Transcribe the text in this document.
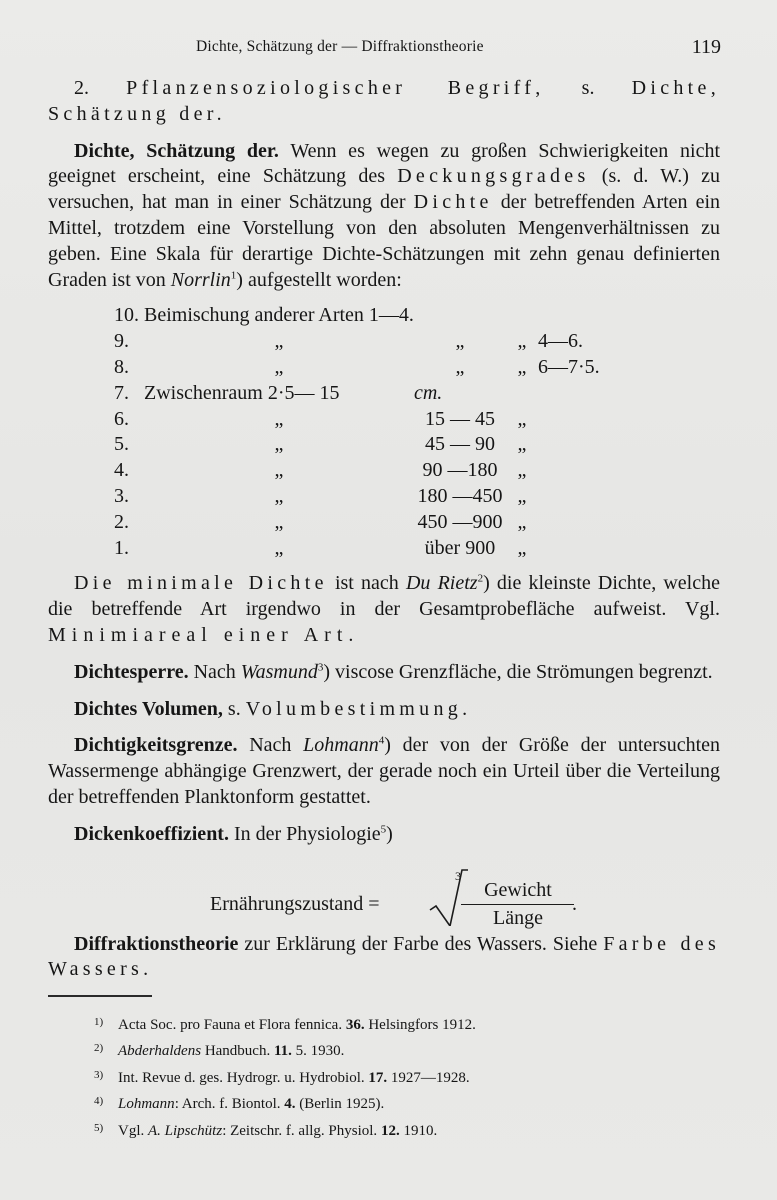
Dichte, Schätzung der — Diffraktionstheorie	119

2. Pflanzensoziologischer Begriff, s. Dichte, Schätzung der.

Dichte, Schätzung der. Wenn es wegen zu großen Schwierigkeiten nicht geeignet erscheint, eine Schätzung des Deckungsgrades (s. d. W.) zu versuchen, hat man in einer Schätzung der Dichte der betreffenden Arten ein Mittel, trotzdem eine Vorstellung von den absoluten Mengenverhältnissen zu geben. Eine Skala für derartige Dichte-Schätzungen mit zehn genau definierten Graden ist von Norrlin$^1$) aufgestellt worden:

10.	Beimischung anderer Arten 1—4.			
9.	„	„	„	4—6.
8.	„	„	„	6—7·5.
7.	Zwischenraum 2·5— 15	cm.		
6.	„	15 — 45	„	
5.	„	45 — 90	„	
4.	„	90 —180	„	
3.	„	180 —450	„	
2.	„	450 —900	„	
1.	„	über 900	„	

Die minimale Dichte ist nach Du Rietz$^2$) die kleinste Dichte, welche die betreffende Art irgendwo in der Gesamtprobefläche aufweist. Vgl. Minimiareal einer Art.

Dichtesperre. Nach Wasmund$^3$) viscose Grenzfläche, die Strömungen begrenzt.

Dichtes Volumen, s. Volumbestimmung.

Dichtigkeitsgrenze. Nach Lohmann$^4$) der von der Größe der untersuchten Wassermenge abhängige Grenzwert, der gerade noch ein Urteil über die Verteilung der betreffenden Planktonform gestattet.

Dickenkoeffizient. In der Physiologie$^5$)

Ernährungszustand =
3
Gewicht
Länge
.

Diffraktionstheorie zur Erklärung der Farbe des Wassers. Siehe Farbe des Wassers.

1) Acta Soc. pro Fauna et Flora fennica. 36. Helsingfors 1912.
2) Abderhaldens Handbuch. 11. 5. 1930.
3) Int. Revue d. ges. Hydrogr. u. Hydrobiol. 17. 1927—1928.
4) Lohmann: Arch. f. Biontol. 4. (Berlin 1925).
5) Vgl. A. Lipschütz: Zeitschr. f. allg. Physiol. 12. 1910.
